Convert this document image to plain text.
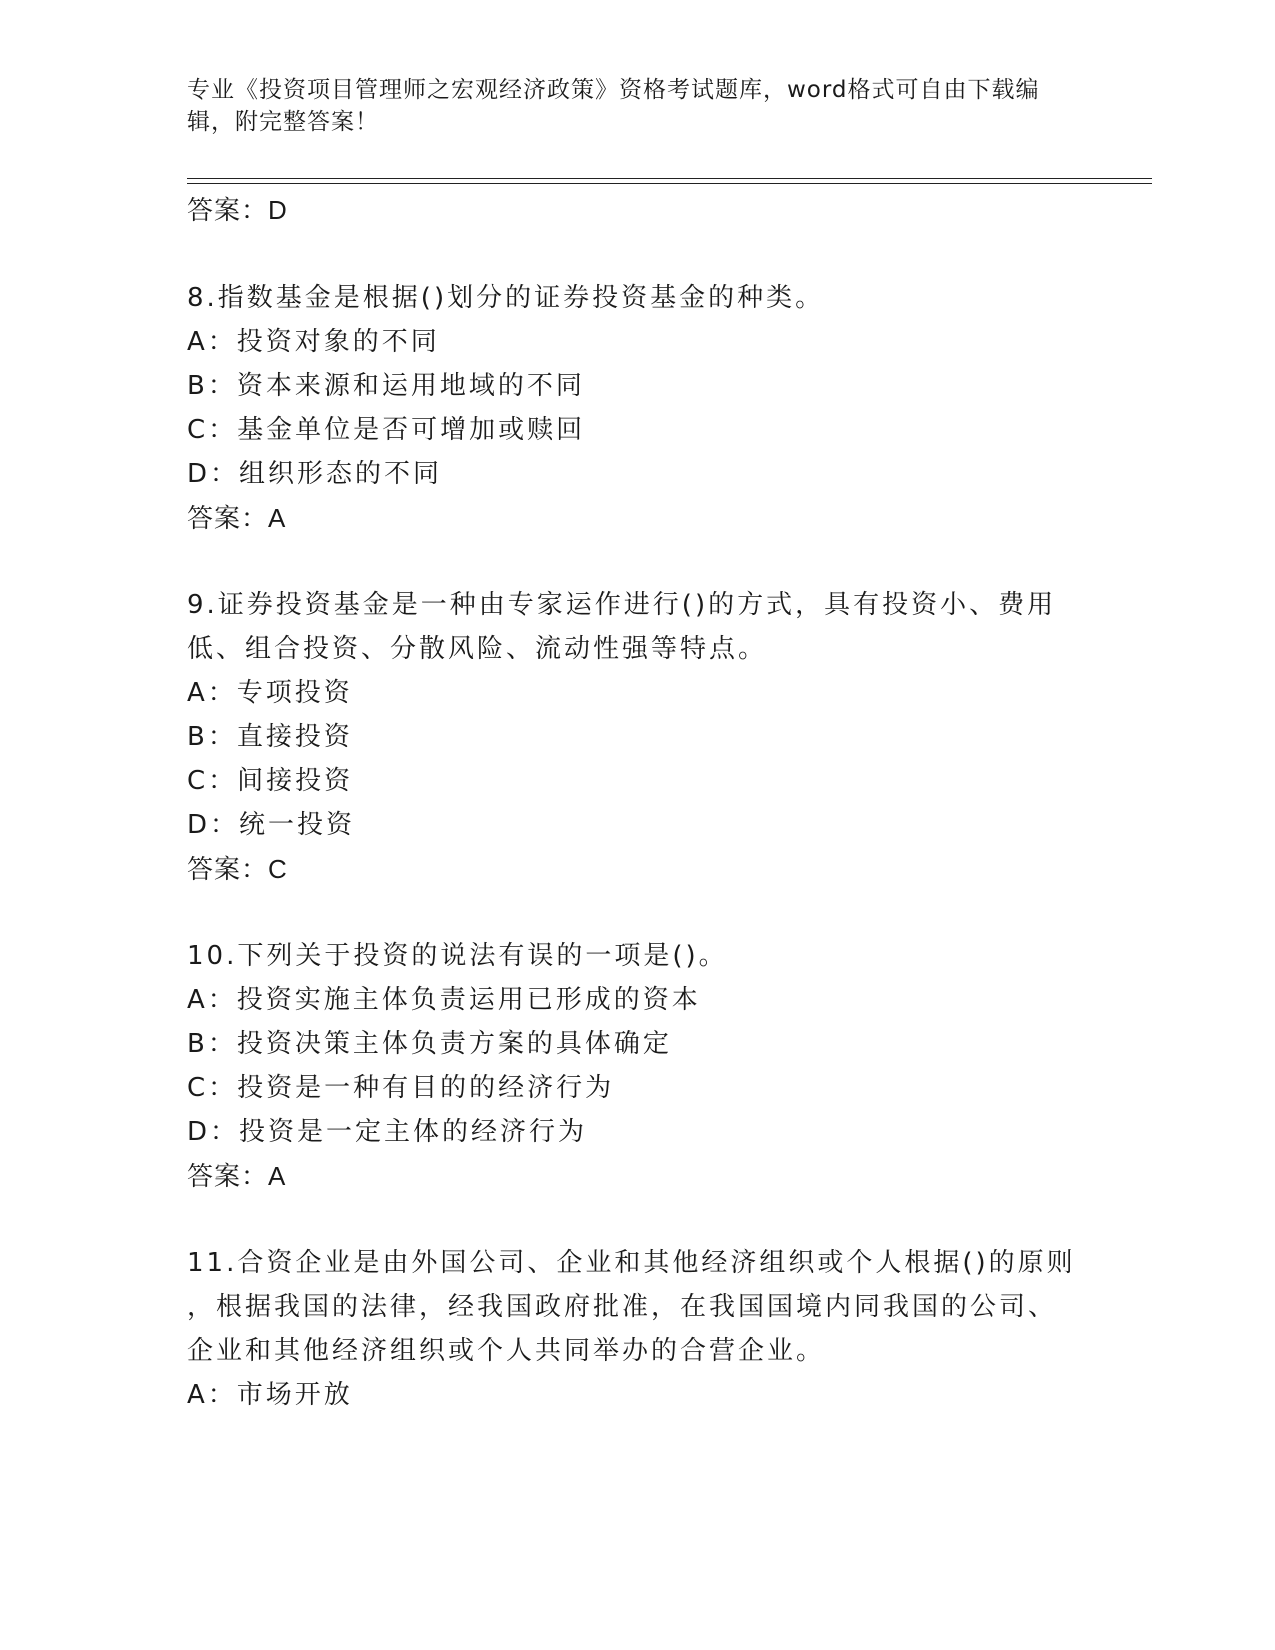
专业《投资项目管理师之宏观经济政策》资格考试题库，word格式可自由下载编
辑，附完整答案！
答案：D
8.指数基金是根据()划分的证券投资基金的种类。
A：投资对象的不同
B：资本来源和运用地域的不同
C：基金单位是否可增加或赎回
D：组织形态的不同
答案：A
9.证券投资基金是一种由专家运作进行()的方式，具有投资小、费用
低、组合投资、分散风险、流动性强等特点。
A：专项投资
B：直接投资
C：间接投资
D：统一投资
答案：C
10.下列关于投资的说法有误的一项是()。
A：投资实施主体负责运用已形成的资本
B：投资决策主体负责方案的具体确定
C：投资是一种有目的的经济行为
D：投资是一定主体的经济行为
答案：A
11.合资企业是由外国公司、企业和其他经济组织或个人根据()的原则
，根据我国的法律，经我国政府批准，在我国国境内同我国的公司、
企业和其他经济组织或个人共同举办的合营企业。
A：市场开放
